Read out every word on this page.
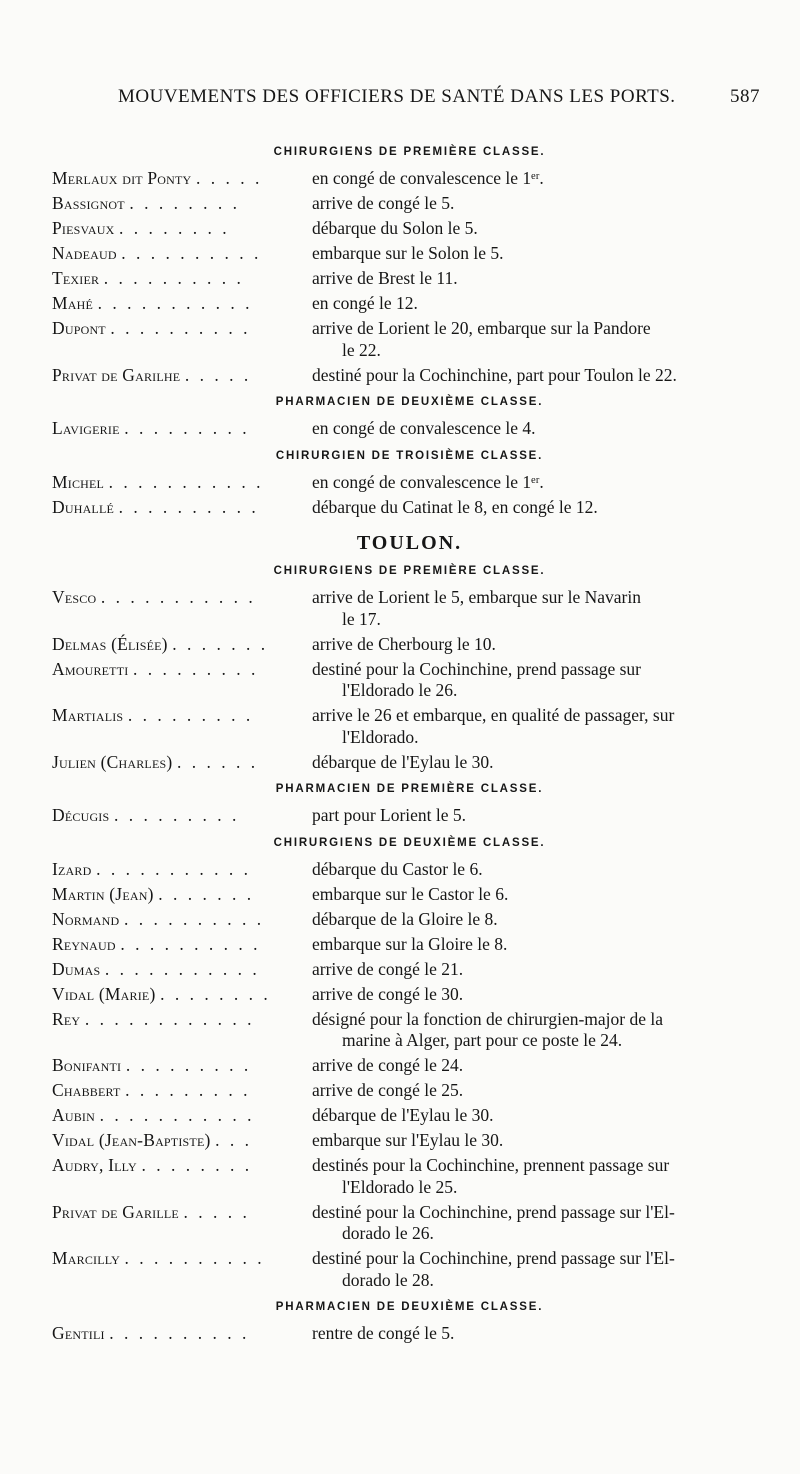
MOUVEMENTS DES OFFICIERS DE SANTÉ DANS LES PORTS.	587
CHIRURGIENS DE PREMIÈRE CLASSE.
Merlaux dit Ponty . . . . .	en congé de convalescence le 1ᵉʳ.
Bassignot . . . . . . . .	arrive de congé le 5.
Piesvaux . . . . . . . .	débarque du Solon le 5.
Nadeaud . . . . . . . . . .	embarque sur le Solon le 5.
Texier . . . . . . . . . .	arrive de Brest le 11.
Mahé . . . . . . . . . . .	en congé le 12.
Dupont . . . . . . . . . .	arrive de Lorient le 20, embarque sur la Pandore
le 22.
Privat de Garilhe . . . . .	destiné pour la Cochinchine, part pour Toulon le 22.
PHARMACIEN DE DEUXIÈME CLASSE.
Lavigerie . . . . . . . . .	en congé de convalescence le 4.
CHIRURGIEN DE TROISIÈME CLASSE.
Michel . . . . . . . . . . .	en congé de convalescence le 1ᵉʳ.
Duhallé . . . . . . . . . .	débarque du Catinat le 8, en congé le 12.
TOULON.
CHIRURGIENS DE PREMIÈRE CLASSE.
Vesco . . . . . . . . . . .	arrive de Lorient le 5, embarque sur le Navarin
le 17.
Delmas (Élisée) . . . . . . .	arrive de Cherbourg le 10.
Amouretti . . . . . . . . .	destiné pour la Cochinchine, prend passage sur
l'Eldorado le 26.
Martialis . . . . . . . . .	arrive le 26 et embarque, en qualité de passager, sur
l'Eldorado.
Julien (Charles) . . . . . .	débarque de l'Eylau le 30.
PHARMACIEN DE PREMIÈRE CLASSE.
Décugis . . . . . . . . .	part pour Lorient le 5.
CHIRURGIENS DE DEUXIÈME CLASSE.
Izard . . . . . . . . . . .	débarque du Castor le 6.
Martin (Jean) . . . . . . .	embarque sur le Castor le 6.
Normand . . . . . . . . . .	débarque de la Gloire le 8.
Reynaud . . . . . . . . . .	embarque sur la Gloire le 8.
Dumas . . . . . . . . . . .	arrive de congé le 21.
Vidal (Marie) . . . . . . . .	arrive de congé le 30.
Rey . . . . . . . . . . . .	désigné pour la fonction de chirurgien-major de la
marine à Alger, part pour ce poste le 24.
Bonifanti . . . . . . . . .	arrive de congé le 24.
Chabbert . . . . . . . . .	arrive de congé le 25.
Aubin . . . . . . . . . . .	débarque de l'Eylau le 30.
Vidal (Jean-Baptiste) . . .	embarque sur l'Eylau le 30.
Audry, Illy . . . . . . . .	destinés pour la Cochinchine, prennent passage sur
l'Eldorado le 25.
Privat de Garille . . . . .	destiné pour la Cochinchine, prend passage sur l'El-
dorado le 26.
Marcilly . . . . . . . . . .	destiné pour la Cochinchine, prend passage sur l'El-
dorado le 28.
PHARMACIEN DE DEUXIÈME CLASSE.
Gentili . . . . . . . . . .	rentre de congé le 5.
